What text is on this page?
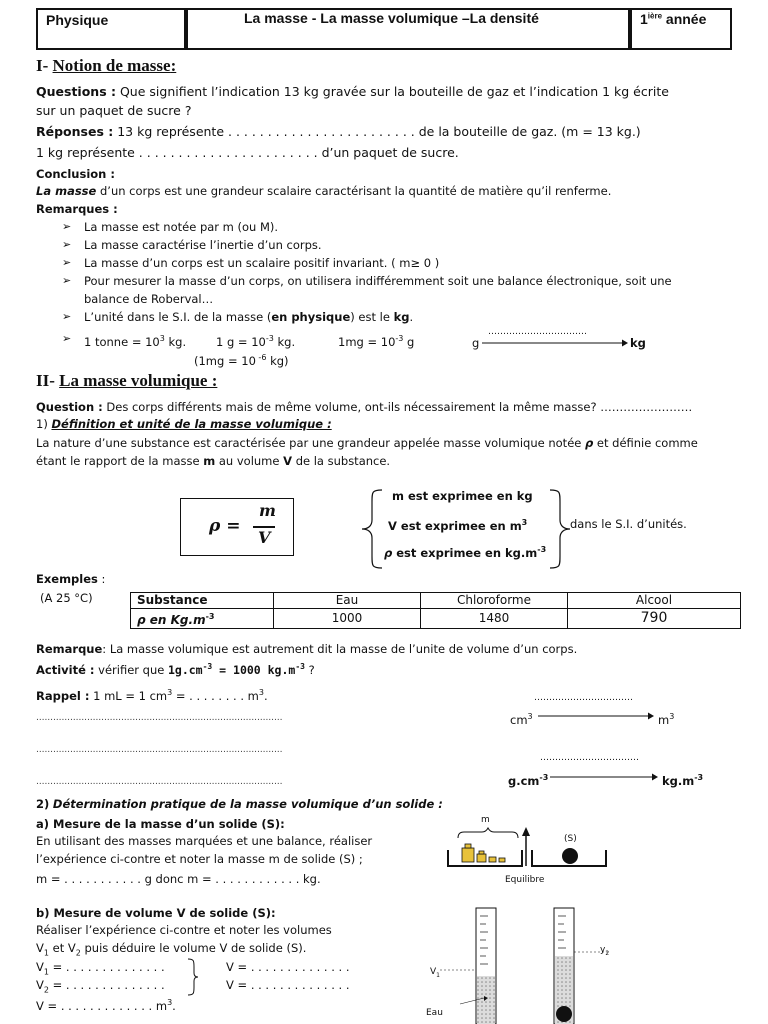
Physique	La masse - La masse volumique –La densité	$1^{ière}$ année
I- Notion de masse:
Questions : Que signifient l’indication 13 kg gravée sur la bouteille de gaz et l’indication 1 kg écrite
sur un paquet de sucre ?
Réponses : 13 kg représente . . . . . . . . . . . . . . . . . . . . . . . . de la bouteille de gaz. (m = 13 kg.)
1 kg représente . . . . . . . . . . . . . . . . . . . . . . . d’un paquet de sucre.
Conclusion :
La masse d’un corps est une grandeur scalaire caractérisant la quantité de matière qu’il renferme.
Remarques :
➢ La masse est notée par m (ou M).
➢ La masse caractérise l’inertie d’un corps.
➢ La masse d’un corps est un scalaire positif invariant. ( m≥ 0 )
➢ Pour mesurer la masse d’un corps, on utilisera indifféremment soit une balance électronique, soit une
balance de Roberval…
➢ L’unité dans le S.I. de la masse (en physique) est le kg.
➢ 1 tonne = $10^3$ kg.	1 $g = 10^{-3}$ kg.	$1mg = 10^{-3}$ g
(1mg = 10 $^{-6}$ kg)
……………………………
g	kg
II- La masse volumique :
Question : Des corps différents mais de même volume, ont-ils nécessairement la même masse? ……………………
1) Définition et unité de la masse volumique :
La nature d’une substance est caractérisée par une grandeur appelée masse volumique notée ρ et définie comme
étant le rapport de la masse m au volume V de la substance.
ρ =
m
V
m est exprimee en kg
V est exprimee en $m^3$
ρ est exprimee en $kg.m^{-3}$
dans le S.I. d’unités.
Exemples :
(A 25 °C)	Substance	Eau	Chloroforme	Alcool
ρ en $Kg.m^{-3}$	1000	1480	790
Remarque: La masse volumique est autrement dit la masse de l’unite de volume d’un corps.
Activité : vérifier que $1g.cm^{-3} = 1000$ $kg.m^{-3}$ ?
Rappel : 1 mL = 1 $cm^3$ = . . . . . . . . $m^3$.
……………………………………………………………………………
……………………………………………………………………………
……………………………………………………………………………
……………………………
$cm^3$	$m^3$
……………………………
$g.cm^{-3}$	$kg.m^{-3}$
2) Détermination pratique de la masse volumique d’un solide :
a) Mesure de la masse d’un solide (S):
En utilisant des masses marquées et une balance, réaliser
l’expérience ci-contre et noter la masse m de solide (S) ;
m = . . . . . . . . . . . g donc m = . . . . . . . . . . . . kg.
m
(S)
Equilibre
b) Mesure de volume V de solide (S):
Réaliser l’expérience ci-contre et noter les volumes
$V_1$ et $V_2$ puis déduire le volume V de solide (S).
$V_1$ = . . . . . . . . . . . . . .
$V_2$ = . . . . . . . . . . . . . .
V = . . . . . . . . . . . . . $m^3$.
V = . . . . . . . . . . . . . .
V = . . . . . . . . . . . . . .
$V_1$
$y_2$
Eau
